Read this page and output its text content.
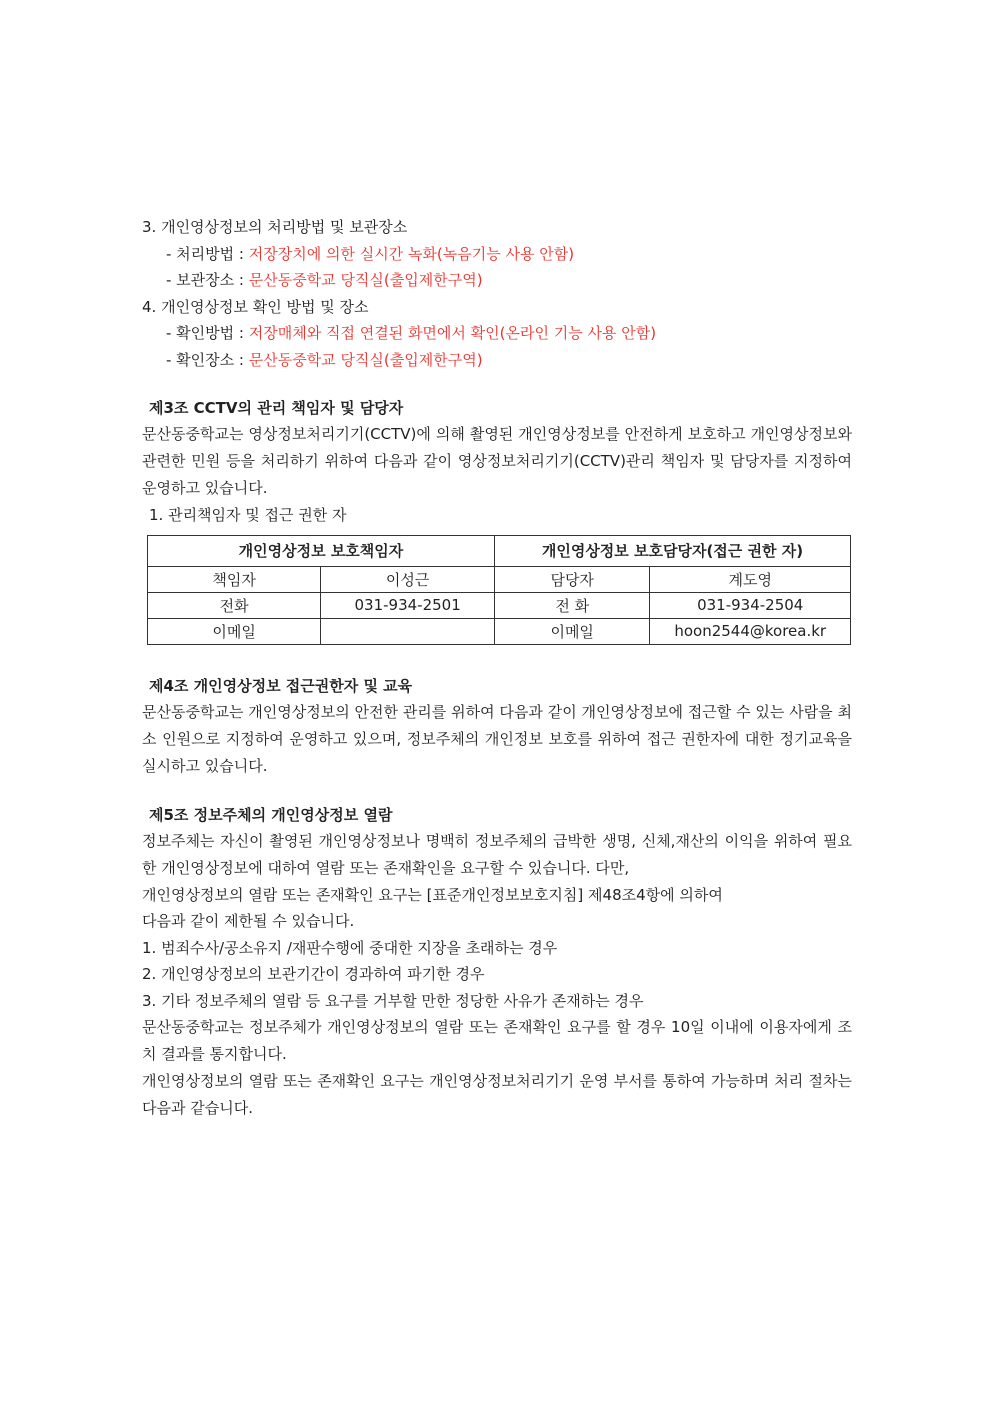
3. 개인영상정보의 처리방법 및 보관장소
- 처리방법 : 저장장치에 의한 실시간 녹화(녹음기능 사용 안함)
- 보관장소 : 문산동중학교 당직실(출입제한구역)
4. 개인영상정보 확인 방법 및 장소
- 확인방법 : 저장매체와 직접 연결된 화면에서 확인(온라인 기능 사용 안함)
- 확인장소 : 문산동중학교 당직실(출입제한구역)
제3조 CCTV의 관리 책임자 및 담당자
문산동중학교는 영상정보처리기기(CCTV)에 의해 촬영된 개인영상정보를 안전하게 보호하고 개인영상정보와 관련한 민원 등을 처리하기 위하여 다음과 같이 영상정보처리기기(CCTV)관리 책임자 및 담당자를 지정하여 운영하고 있습니다.
1. 관리책임자 및 접근 권한 자
개인영상정보 보호책임자		개인영상정보 보호담당자(접근 권한 자)	
책임자	이성근	담당자	계도영
전화	031-934-2501	전 화	031-934-2504
이메일		이메일	hoon2544@korea.kr
제4조 개인영상정보 접근권한자 및 교육
문산동중학교는 개인영상정보의 안전한 관리를 위하여 다음과 같이 개인영상정보에 접근할 수 있는 사람을 최소 인원으로 지정하여 운영하고 있으며, 정보주체의 개인정보 보호를 위하여 접근 권한자에 대한 정기교육을 실시하고 있습니다.
제5조 정보주체의 개인영상정보 열람
정보주체는 자신이 촬영된 개인영상정보나 명백히 정보주체의 급박한 생명, 신체,재산의 이익을 위하여 필요한 개인영상정보에 대하여 열람 또는 존재확인을 요구할 수 있습니다. 다만,
개인영상정보의 열람 또는 존재확인 요구는 [표준개인정보보호지침] 제48조4항에 의하여
다음과 같이 제한될 수 있습니다.
1. 범죄수사/공소유지 /재판수행에 중대한 지장을 초래하는 경우
2. 개인영상정보의 보관기간이 경과하여 파기한 경우
3. 기타 정보주체의 열람 등 요구를 거부할 만한 정당한 사유가 존재하는 경우
문산동중학교는 정보주체가 개인영상정보의 열람 또는 존재확인 요구를 할 경우 10일 이내에 이용자에게 조치 결과를 통지합니다.
개인영상정보의 열람 또는 존재확인 요구는 개인영상정보처리기기 운영 부서를 통하여 가능하며 처리 절차는 다음과 같습니다.
